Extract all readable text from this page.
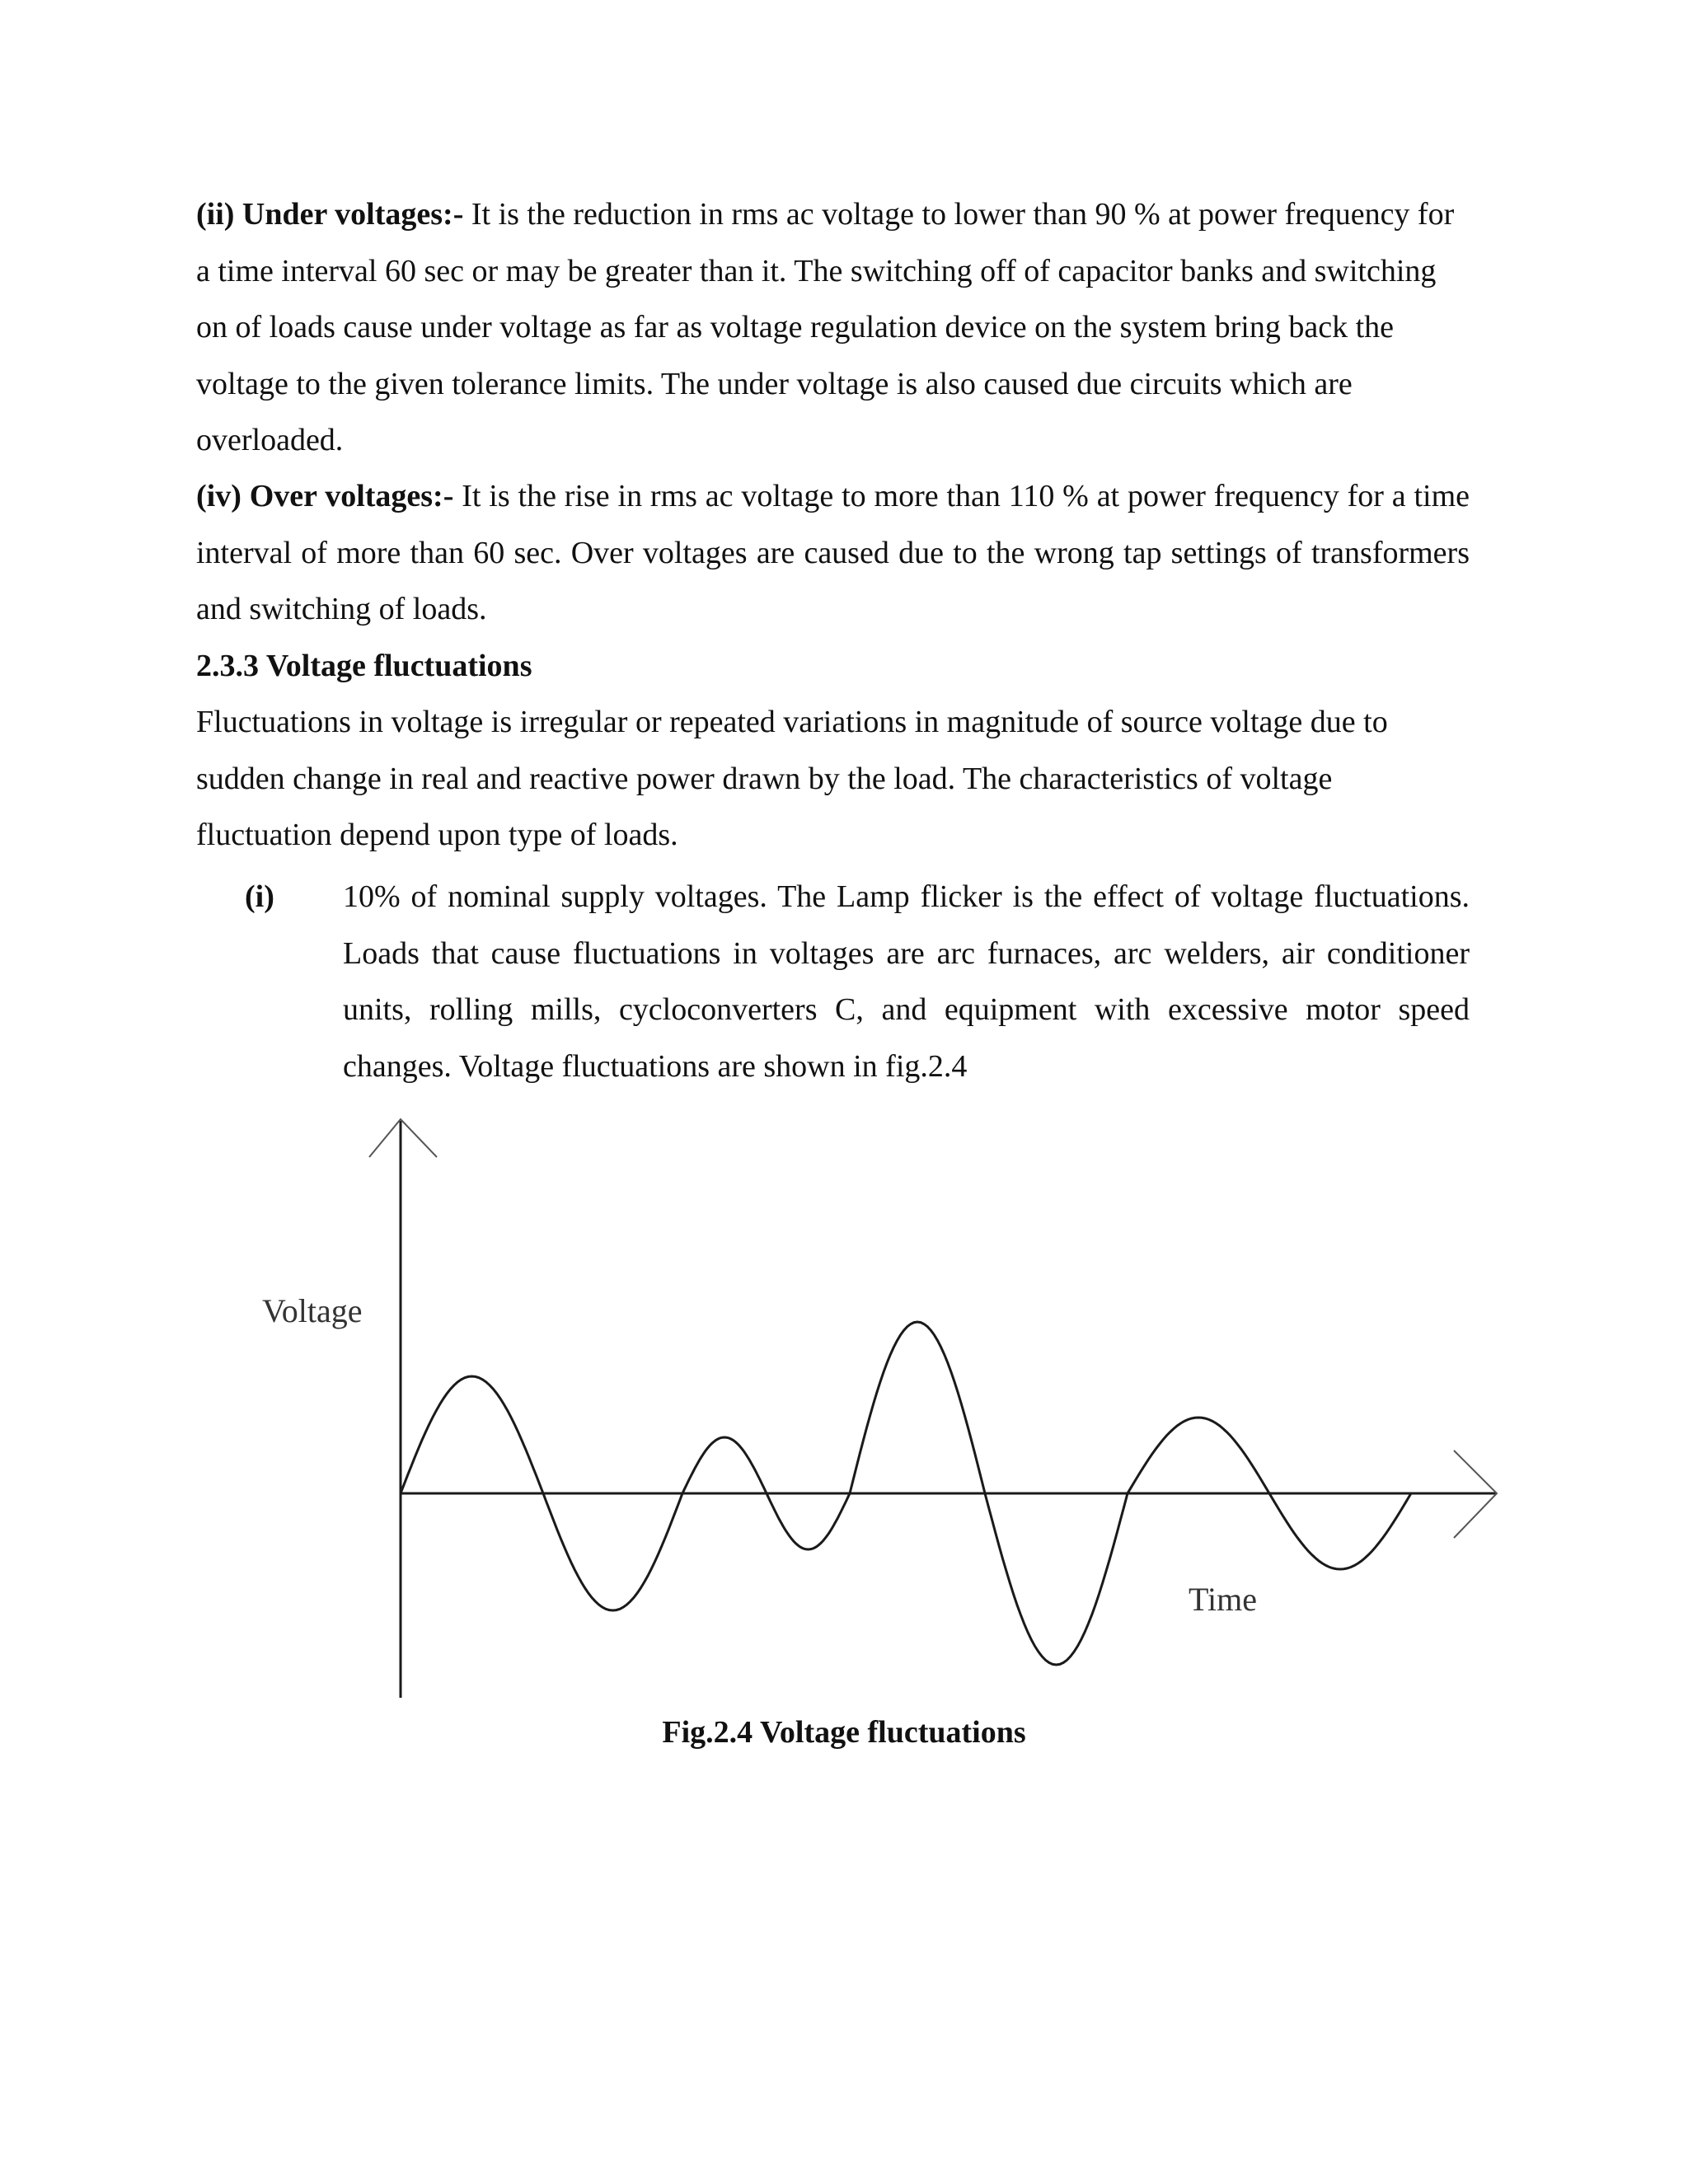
(ii) Under voltages:- It is the reduction in rms ac voltage to lower than 90 % at power frequency for a time interval 60 sec or may be greater than it. The switching off of capacitor banks and switching on of loads cause under voltage as far as voltage regulation device on the system bring back the voltage to the given tolerance limits. The under voltage is also caused due circuits which are overloaded.

(iv) Over voltages:- It is the rise in rms ac voltage to more than 110 % at power frequency for a time interval of more than 60 sec. Over voltages are caused due to the wrong tap settings of transformers and switching of loads.

2.3.3 Voltage fluctuations

Fluctuations in voltage is irregular or repeated variations in magnitude of source voltage due to sudden change in real and reactive power drawn by the load. The characteristics of voltage fluctuation depend upon type of loads.

(i) 10% of nominal supply voltages. The Lamp flicker is the effect of voltage fluctuations. Loads that cause fluctuations in voltages are arc furnaces, arc welders, air conditioner units, rolling mills, cycloconverters C, and equipment with excessive motor speed changes. Voltage fluctuations are shown in fig.2.4

Voltage
Time

Fig.2.4 Voltage fluctuations
